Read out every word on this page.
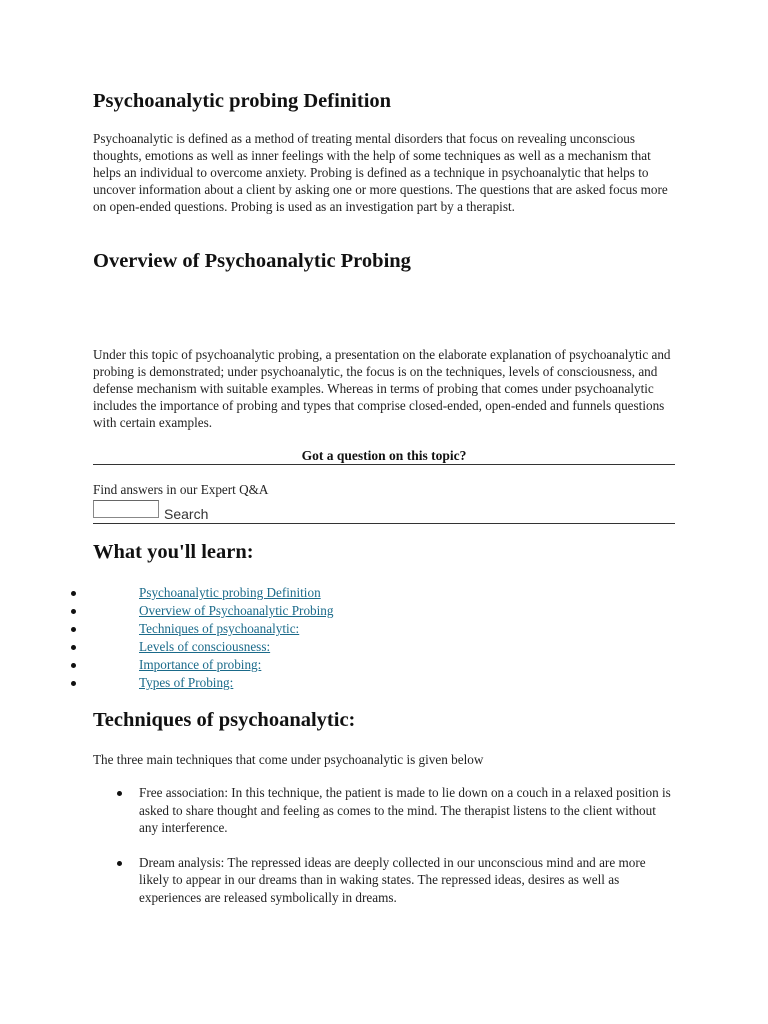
Psychoanalytic probing Definition

Psychoanalytic is defined as a method of treating mental disorders that focus on revealing unconscious thoughts, emotions as well as inner feelings with the help of some techniques as well as a mechanism that helps an individual to overcome anxiety. Probing is defined as a technique in psychoanalytic that helps to uncover information about a client by asking one or more questions. The questions that are asked focus more on open-ended questions. Probing is used as an investigation part by a therapist.

Overview of Psychoanalytic Probing

Under this topic of psychoanalytic probing, a presentation on the elaborate explanation of psychoanalytic and probing is demonstrated; under psychoanalytic, the focus is on the techniques, levels of consciousness, and defense mechanism with suitable examples. Whereas in terms of probing that comes under psychoanalytic includes the importance of probing and types that comprise closed-ended, open-ended and funnels questions with certain examples.

Got a question on this topic?
Find answers in our Expert Q&A
Search
What you'll learn:
Psychoanalytic probing Definition
Overview of Psychoanalytic Probing
Techniques of psychoanalytic:
Levels of consciousness:
Importance of probing:
Types of Probing:
Techniques of psychoanalytic:

The three main techniques that come under psychoanalytic is given below

Free association: In this technique, the patient is made to lie down on a couch in a relaxed position is asked to share thought and feeling as comes to the mind. The therapist listens to the client without any interference.
Dream analysis: The repressed ideas are deeply collected in our unconscious mind and are more likely to appear in our dreams than in waking states. The repressed ideas, desires as well as experiences are released symbolically in dreams.
